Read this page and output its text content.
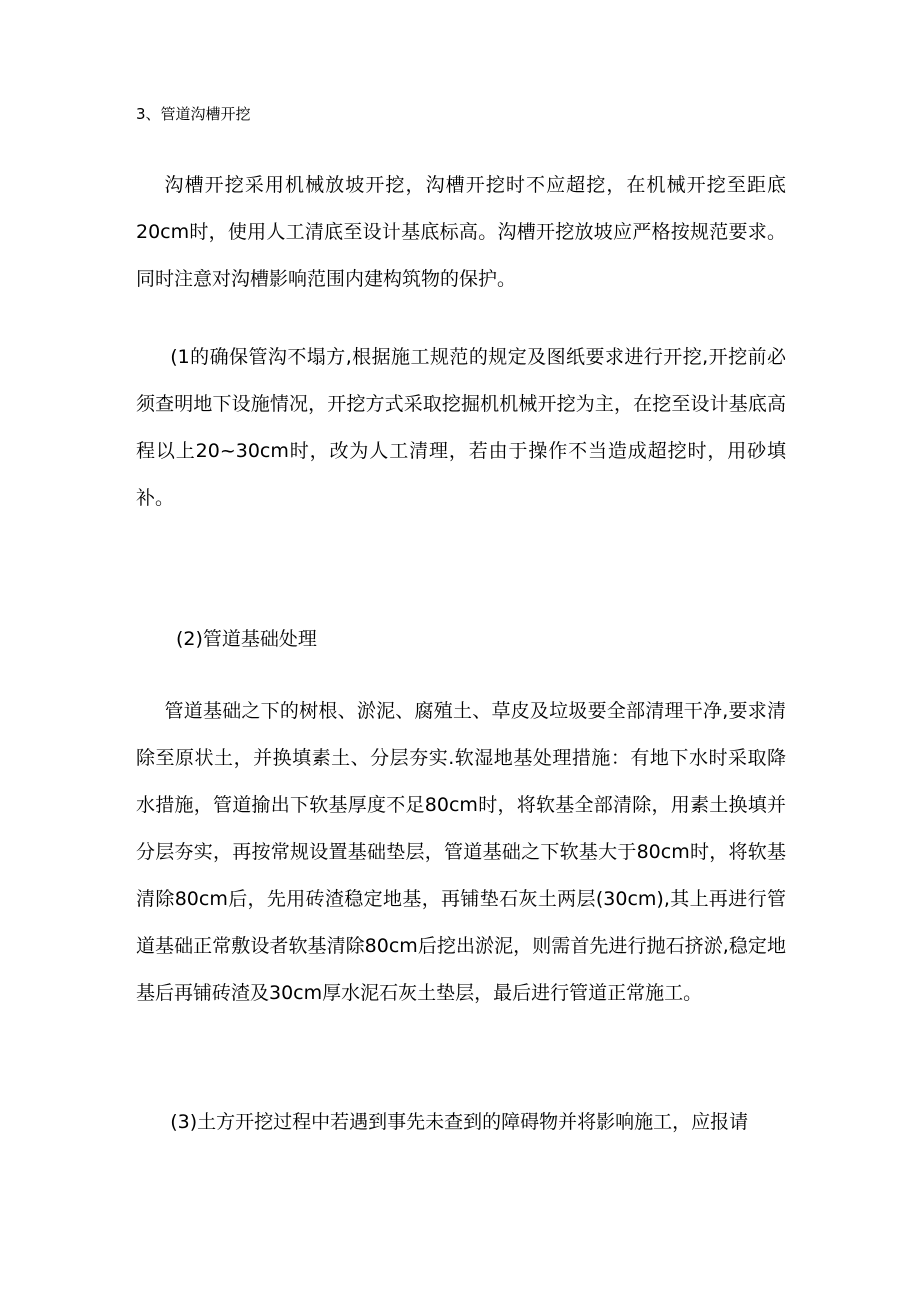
3、管道沟槽开挖

沟槽开挖采用机械放坡开挖，沟槽开挖时不应超挖，在机械开挖至距底20cm时，使用人工清底至设计基底标高。沟槽开挖放坡应严格按规范要求。同时注意对沟槽影响范围内建构筑物的保护。

(1的确保管沟不塌方,根据施工规范的规定及图纸要求进行开挖,开挖前必须查明地下设施情况，开挖方式采取挖掘机机械开挖为主，在挖至设计基底高程以上20~30cm时，改为人工清理，若由于操作不当造成超挖时，用砂填补。

(2)管道基础处理

管道基础之下的树根、淤泥、腐殖土、草皮及垃圾要全部清理干净,要求清除至原状土，并换填素土、分层夯实.软湿地基处理措施：有地下水时采取降水措施，管道揄出下软基厚度不足80cm时，将软基全部清除，用素土换填并分层夯实，再按常规设置基础垫层，管道基础之下软基大于80cm时，将软基清除80cm后，先用砖渣稳定地基，再铺垫石灰土两层(30cm),其上再进行管道基础正常敷设者软基清除80cm后挖出淤泥，则需首先进行抛石挤淤,稳定地基后再铺砖渣及30cm厚水泥石灰土垫层，最后进行管道正常施工。

(3)土方开挖过程中若遇到事先未查到的障碍物并将影响施工，应报请
